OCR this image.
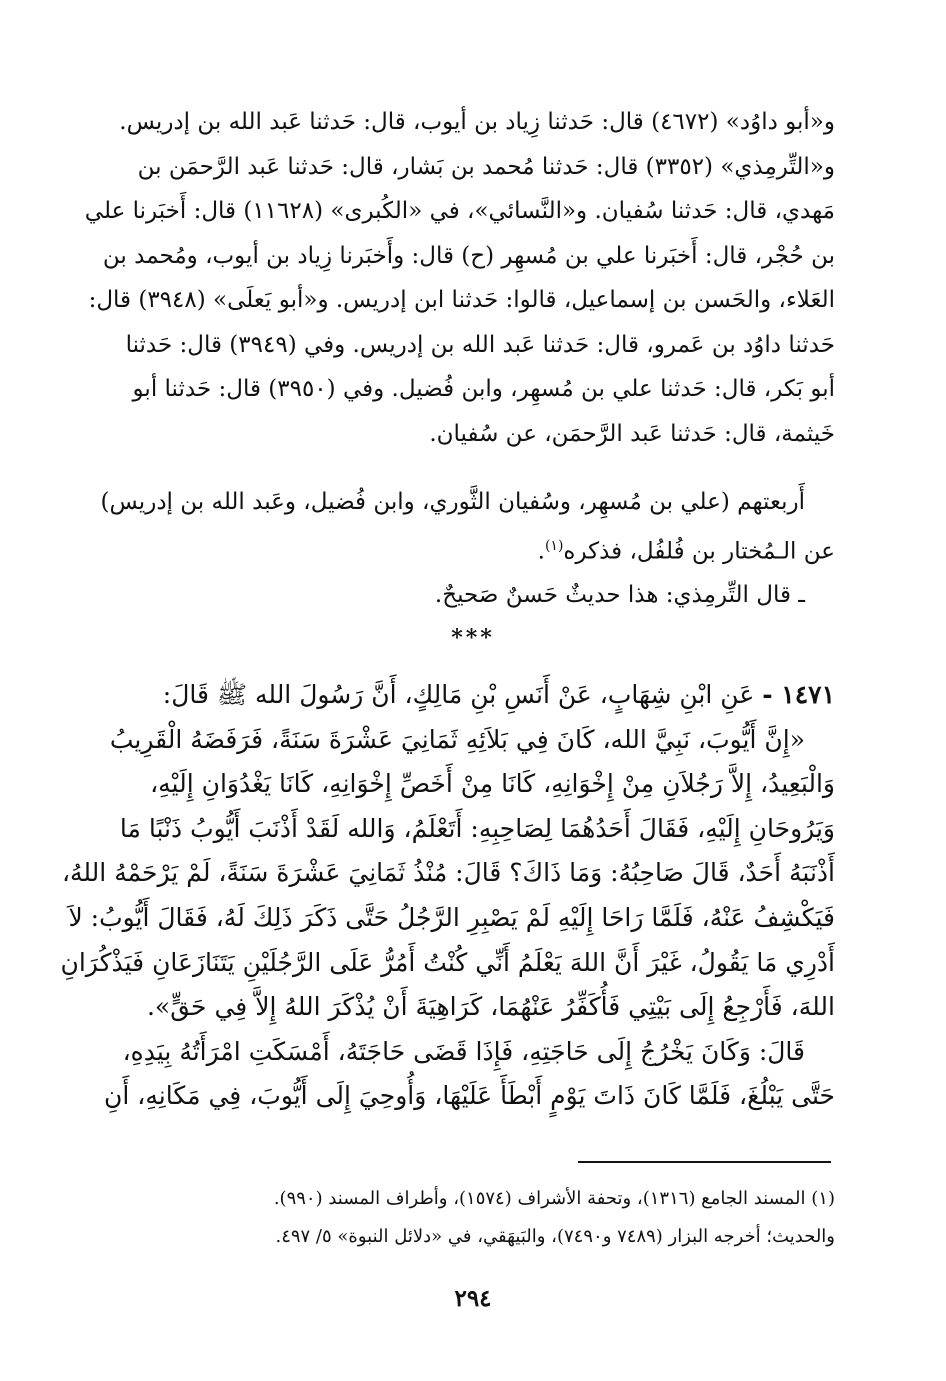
و«أبو داوُد» (٤٦٧٢) قال: حَدثنا زِياد بن أيوب، قال: حَدثنا عَبد الله بن إدريس.
و«التِّرمِذي» (٣٣٥٢) قال: حَدثنا مُحمد بن بَشار، قال: حَدثنا عَبد الرَّحمَن بن
مَهدي، قال: حَدثنا سُفيان. و«النَّسائي»، في «الكُبرى» (١١٦٢٨) قال: أَخبَرنا علي
بن حُجْر، قال: أَخبَرنا علي بن مُسهِر (ح) قال: وأَخبَرنا زِياد بن أيوب، ومُحمد بن
العَلاء، والحَسن بن إسماعيل، قالوا: حَدثنا ابن إدريس. و«أبو يَعلَى» (٣٩٤٨) قال:
حَدثنا داوُد بن عَمرو، قال: حَدثنا عَبد الله بن إدريس. وفي (٣٩٤٩) قال: حَدثنا
أبو بَكر، قال: حَدثنا علي بن مُسهِر، وابن فُضيل. وفي (٣٩٥٠) قال: حَدثنا أبو
خَيثمة، قال: حَدثنا عَبد الرَّحمَن، عن سُفيان.
أَربعتهم (علي بن مُسهِر، وسُفيان الثَّوري، وابن فُضيل، وعَبد الله بن إدريس)
عن الـمُختار بن فُلفُل، فذكره$^{(١)}$.
ـ قال التِّرمِذي: هذا حديثٌ حَسنٌ صَحيحٌ.
***
١٤٧١ - عَنِ ابْنِ شِهَابٍ، عَنْ أَنَسِ بْنِ مَالِكٍ، أَنَّ رَسُولَ الله ﷺ قَالَ:
«إِنَّ أَيُّوبَ، نَبِيَّ الله، كَانَ فِي بَلاَئِهِ ثَمَانِيَ عَشْرَةَ سَنَةً، فَرَفَضَهُ الْقَرِيبُ
وَالْبَعِيدُ، إِلاَّ رَجُلاَنِ مِنْ إِخْوَانِهِ، كَانَا مِنْ أَخَصِّ إِخْوَانِهِ، كَانَا يَغْدُوَانِ إِلَيْهِ،
وَيَرُوحَانِ إِلَيْهِ، فَقَالَ أَحَدُهُمَا لِصَاحِبِهِ: أَتَعْلَمُ، وَالله لَقَدْ أَذْنَبَ أَيُّوبُ ذَنْبًا مَا
أَذْنَبَهُ أَحَدٌ، قَالَ صَاحِبُهُ: وَمَا ذَاكَ؟ قَالَ: مُنْذُ ثَمَانِيَ عَشْرَةَ سَنَةً، لَمْ يَرْحَمْهُ اللهُ،
فَيَكْشِفُ عَنْهُ، فَلَمَّا رَاحَا إِلَيْهِ لَمْ يَصْبِرِ الرَّجُلُ حَتَّى ذَكَرَ ذَلِكَ لَهُ، فَقَالَ أَيُّوبُ: لاَ
أَدْرِي مَا يَقُولُ، غَيْرَ أَنَّ اللهَ يَعْلَمُ أَنِّي كُنْتُ أَمُرُّ عَلَى الرَّجُلَيْنِ يَتَنَازَعَانِ فَيَذْكُرَانِ
اللهَ، فَأَرْجِعُ إِلَى بَيْتِي فَأُكَفِّرُ عَنْهُمَا، كَرَاهِيَةَ أَنْ يُذْكَرَ اللهُ إِلاَّ فِي حَقٍّ».
قَالَ: وَكَانَ يَخْرُجُ إِلَى حَاجَتِهِ، فَإِذَا قَضَى حَاجَتَهُ، أَمْسَكَتِ امْرَأَتُهُ بِيَدِهِ،
حَتَّى يَبْلُغَ، فَلَمَّا كَانَ ذَاتَ يَوْمٍ أَبْطَأَ عَلَيْهَا، وَأُوحِيَ إِلَى أَيُّوبَ، فِي مَكَانِهِ، أَنِ
(١) المسند الجامع (١٣١٦)، وتحفة الأشراف (١٥٧٤)، وأطراف المسند (٩٩٠).
والحديث؛ أخرجه البزار (٧٤٨٩ و٧٤٩٠)، والبَيهَقي، في «دلائل النبوة» ٥/ ٤٩٧.
٢٩٤
